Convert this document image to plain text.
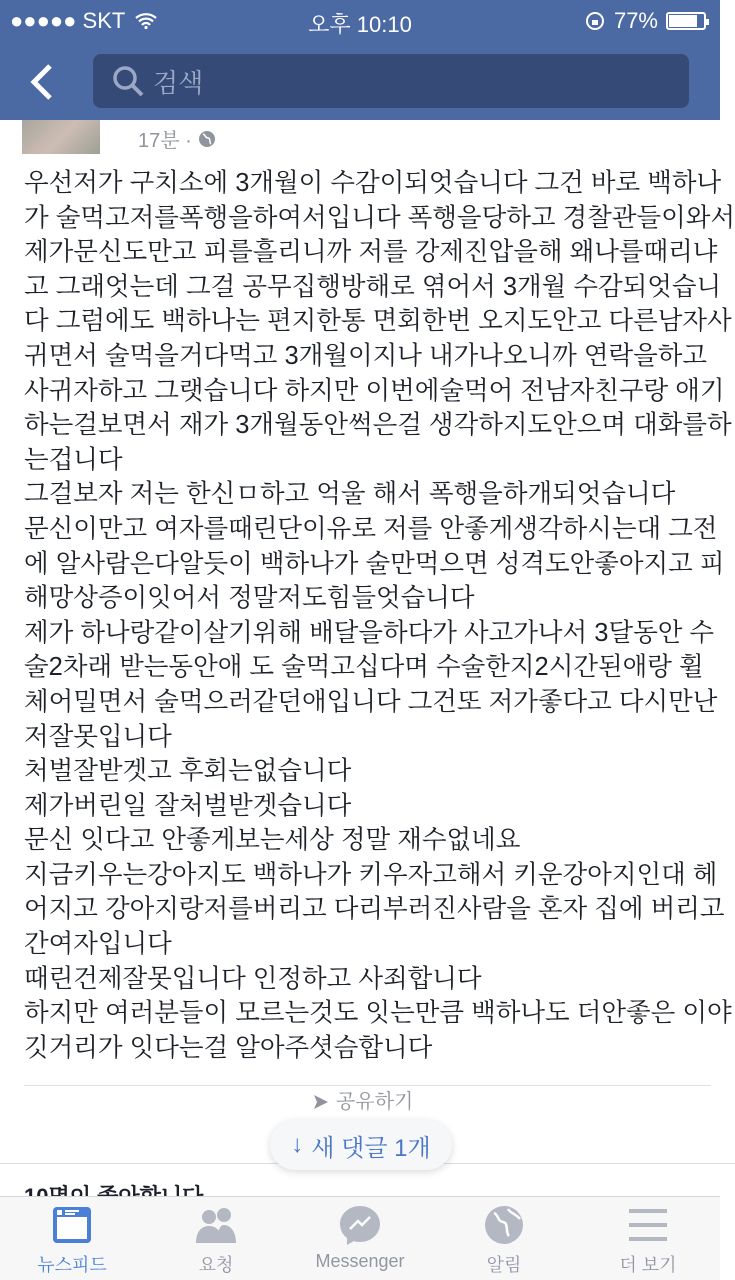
●●●●● SKT	오후 10:10	77%
검색
17분 ·
우선저가 구치소에 3개월이 수감이되엇습니다 그건 바로 백하나
가 술먹고저를폭행을하여서입니다 폭행을당하고 경찰관들이와서
제가문신도만고 피를흘리니까 저를 강제진압을해 왜나를때리냐
고 그래엇는데 그걸 공무집행방해로 엮어서 3개월 수감되엇습니
다 그럼에도 백하나는 편지한통 면회한번 오지도안고 다른남자사
귀면서 술먹을거다먹고 3개월이지나 내가나오니까 연락을하고
사귀자하고 그랫습니다 하지만 이번에술먹어 전남자친구랑 애기
하는걸보면서 재가 3개월동안썩은걸 생각하지도안으며 대화를하
는겁니다
그걸보자 저는 한신ㅁ하고 억울 해서 폭행을하개되엇습니다
문신이만고 여자를때린단이유로 저를 안좋게생각하시는대 그전
에 알사람은다알듯이 백하나가 술만먹으면 성격도안좋아지고 피
해망상증이잇어서 정말저도힘들엇습니다
제가 하나랑같이살기위해 배달을하다가 사고가나서 3달동안 수
술2차래 받는동안애 도 술먹고십다며 수술한지2시간된애랑 휠
체어밀면서 술먹으러같던애입니다 그건또 저가좋다고 다시만난
저잘못입니다
처벌잘받겟고 후회는없습니다
제가버린일 잘처벌받겟습니다
문신 잇다고 안좋게보는세상 정말 재수없네요
지금키우는강아지도 백하나가 키우자고해서 키운강아지인대 헤
어지고 강아지랑저를버리고 다리부러진사람을 혼자 집에 버리고
간여자입니다
때린건제잘못입니다 인정하고 사죄합니다
하지만 여러분들이 모르는것도 잇는만큼 백하나도 더안좋은 이야
깃거리가 잇다는걸 알아주셧슴합니다
공유하기
↓ 새 댓글 1개
뉴스피드	요청	Messenger	알림	더 보기
